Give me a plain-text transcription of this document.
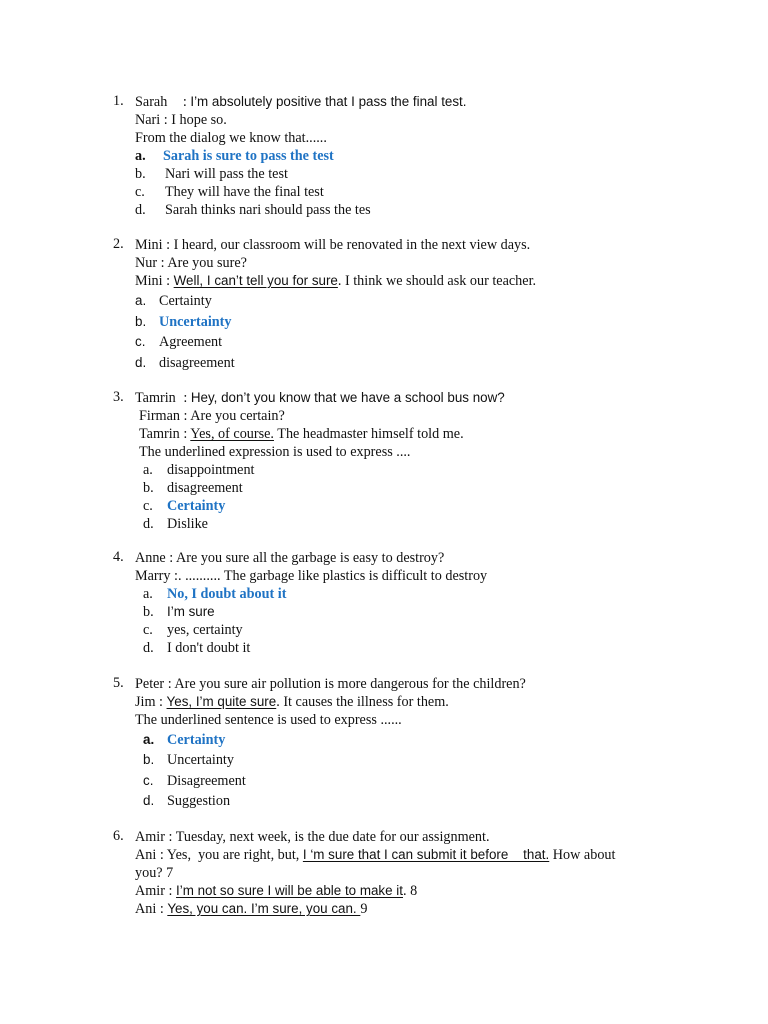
1. Sarah : I’m absolutely positive that I pass the final test.
Nari : I hope so.
From the dialog we know that......
a. Sarah is sure to pass the test
b. Nari will pass the test
c. They will have the final test
d. Sarah thinks nari should pass the tes
2. Mini : I heard, our classroom will be renovated in the next view days.
Nur : Are you sure?
Mini : Well, I can’t tell you for sure. I think we should ask our teacher.
a. Certainty
b. Uncertainty
c. Agreement
d. disagreement
3. Tamrin : Hey, don’t you know that we have a school bus now?
Firman : Are you certain?
Tamrin : Yes, of course. The headmaster himself told me.
The underlined expression is used to express ....
a. disappointment
b. disagreement
c. Certainty
d. Dislike
4. Anne : Are you sure all the garbage is easy to destroy?
Marry :. .......... The garbage like plastics is difficult to destroy
a. No, I doubt about it
b. I’m sure
c. yes, certainty
d. I don't doubt it
5. Peter : Are you sure air pollution is more dangerous for the children?
Jim : Yes, I’m quite sure. It causes the illness for them.
The underlined sentence is used to express ......
a. Certainty
b. Uncertainty
c. Disagreement
d. Suggestion
6. Amir : Tuesday, next week, is the due date for our assignment.
Ani : Yes,  you are right, but, I ‘m sure that I can submit it before    that. How about
you? 7
Amir : I’m not so sure I will be able to make it. 8
Ani : Yes, you can. I’m sure, you can. 9
